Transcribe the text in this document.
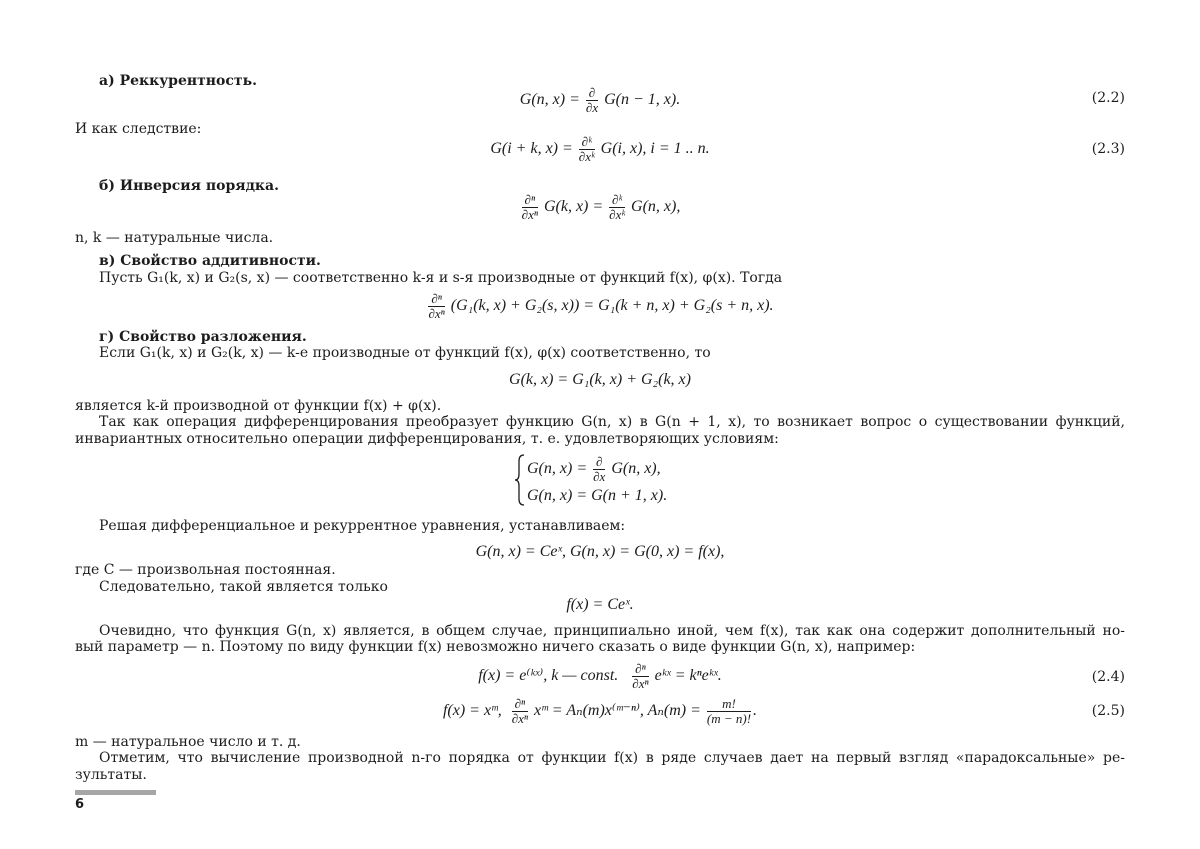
а) Реккурентность.
G(n, $x) = \frac{\partial}{\partial x} G(n - 1$, x).	(2.2)
И как следствие:
G(i + k, $x) = \frac{\text{∂ᵏ}}{\text{∂xᵏ}} G(i$, x), i = 1 .. n.	(2.3)
б) Инверсия порядка.
$\frac{\text{∂ⁿ}}{\text{∂xⁿ}} G(k$, $x) = \frac{\text{∂ᵏ}}{\text{∂xᵏ}} G(n$, x),
n, k — натуральные числа.
в) Свойство аддитивности.
Пусть G₁(k, x) и G₂(s, x) — соответственно k-я и s-я производные от функций f(x), φ(x). Тогда
$\frac{\text{∂ⁿ}}{\text{∂xⁿ}} (G_1(k$, x) + G₂(s, x)) = G₁(k + n, x) + G₂(s + n, x).
г) Свойство разложения.
Если G₁(k, x) и G₂(k, x) — k-е производные от функций f(x), φ(x) соответственно, то
G(k, x) = G₁(k, x) + G₂(k, x)
является k-й производной от функции f(x) + φ(x).
Так как операция дифференцирования преобразует функцию G(n, x) в G(n + 1, x), то возникает вопрос о существовании функций,
инвариантных относительно операции дифференцирования, т. е. удовлетворяющих условиям:
G(n, $x) = \frac{\partial}{\partial x} G(n$, x),
G(n, x) = G(n + 1, x).
Решая дифференциальное и рекуррентное уравнения, устанавливаем:
G(n, x) = Ceˣ, G(n, x) = G(0, x) = f(x),
где C — произвольная постоянная.
Следовательно, такой является только
f(x) = Ceˣ.
Очевидно, что функция G(n, x) является, в общем случае, принципиально иной, чем f(x), так как она содержит дополнительный но-
вый параметр — n. Поэтому по виду функции f(x) невозможно ничего сказать о виде функции G(n, x), например:
f(x) = e⁽ᵏˣ⁾, k — const. $\frac{\text{∂ⁿ}}{\text{∂xⁿ}}$ eᵏˣ = kⁿeᵏˣ.	(2.4)
f(x) = xᵐ, $\frac{\text{∂ⁿ}}{\text{∂xⁿ}}$ xᵐ = Aₙ(m)x⁽ᵐ⁻ⁿ⁾, $A_n(m) = \frac{m!}{(m - n)!}$ .	(2.5)
m — натуральное число и т. д.
Отметим, что вычисление производной n-го порядка от функции f(x) в ряде случаев дает на первый взгляд «парадоксальные» ре-
зультаты.
6
